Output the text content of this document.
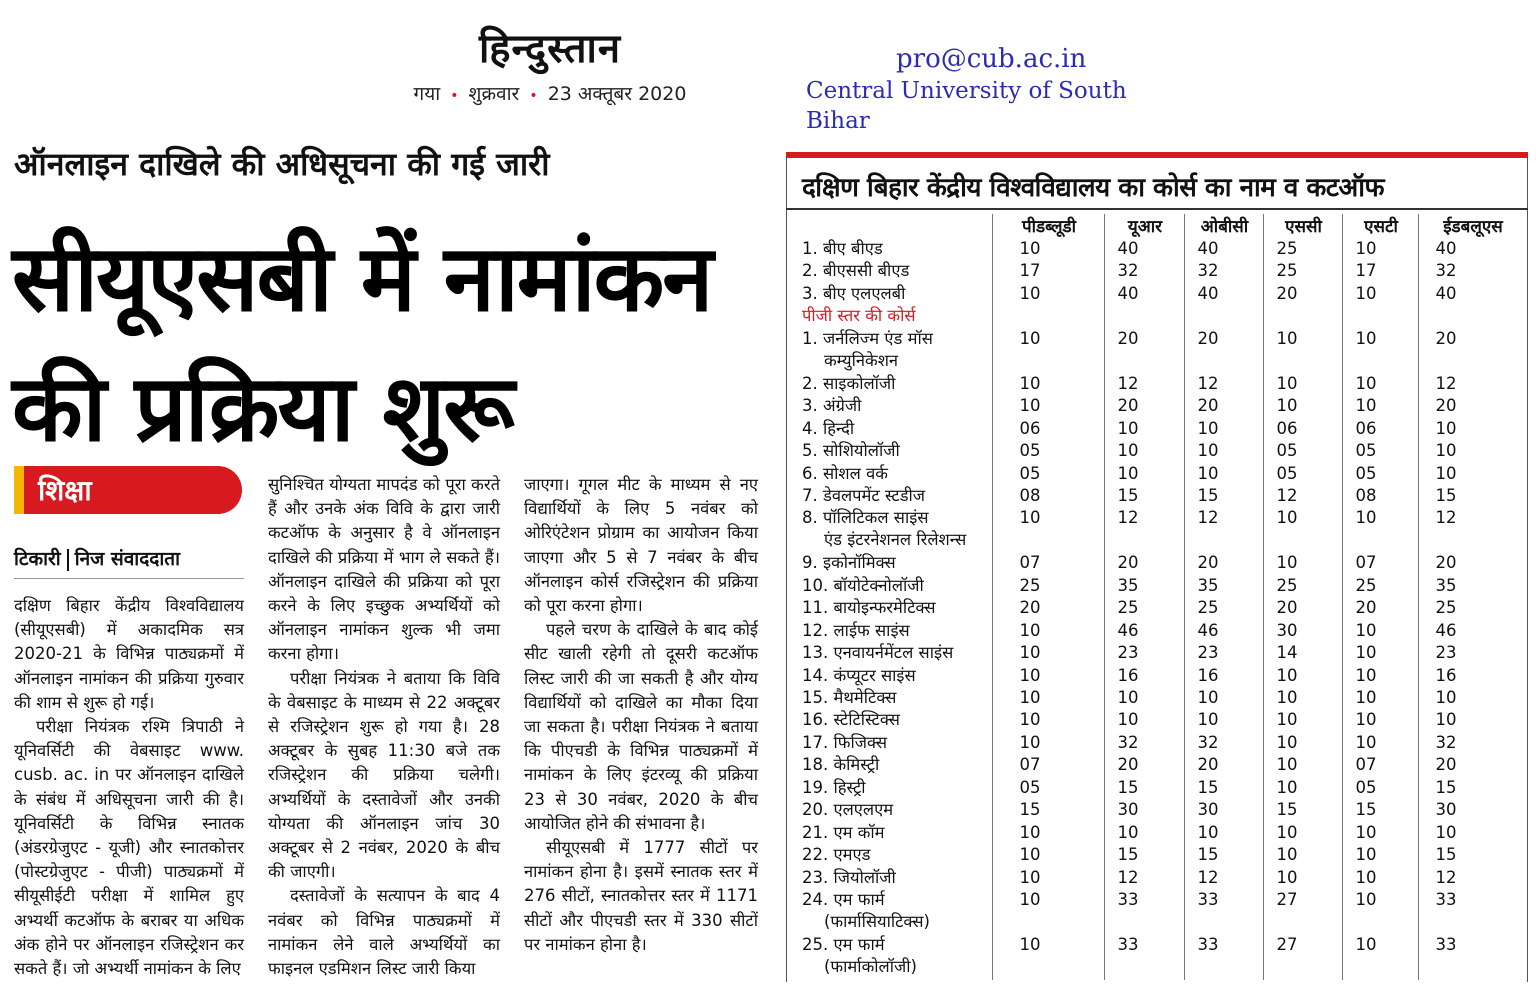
हिन्दुस्तान
गया • शुक्रवार • 23 अक्तूबर 2020
pro@cub.ac.in
Central University of South Bihar
ऑनलाइन दाखिले की अधिसूचना की गई जारी
सीयूएसबी में नामांकन
की प्रक्रिया शुरू
शिक्षा
टिकारी निज संवाददाता

दक्षिण बिहार केंद्रीय विश्वविद्यालय (सीयूएसबी) में अकादमिक सत्र 2020-21 के विभिन्न पाठ्यक्रमों में ऑनलाइन नामांकन की प्रक्रिया गुरुवार की शाम से शुरू हो गई।

परीक्षा नियंत्रक रश्मि त्रिपाठी ने यूनिवर्सिटी की वेबसाइट www. cusb. ac. in पर ऑनलाइन दाखिले के संबंध में अधिसूचना जारी की है। यूनिवर्सिटी के विभिन्न स्नातक (अंडरग्रेजुएट - यूजी) और स्नातकोत्तर (पोस्टग्रेजुएट - पीजी) पाठ्यक्रमों में सीयूसीईटी परीक्षा में शामिल हुए अभ्यर्थी कटऑफ के बराबर या अधिक अंक होने पर ऑनलाइन रजिस्ट्रेशन कर सकते हैं। जो अभ्यर्थी नामांकन के लिए

सुनिश्चित योग्यता मापदंड को पूरा करते हैं और उनके अंक विवि के द्वारा जारी कटऑफ के अनुसार है वे ऑनलाइन दाखिले की प्रक्रिया में भाग ले सकते हैं। ऑनलाइन दाखिले की प्रक्रिया को पूरा करने के लिए इच्छुक अभ्यर्थियों को ऑनलाइन नामांकन शुल्क भी जमा करना होगा।

परीक्षा नियंत्रक ने बताया कि विवि के वेबसाइट के माध्यम से 22 अक्टूबर से रजिस्ट्रेशन शुरू हो गया है। 28 अक्टूबर के सुबह 11:30 बजे तक रजिस्ट्रेशन की प्रक्रिया चलेगी। अभ्यर्थियों के दस्तावेजों और उनकी योग्यता की ऑनलाइन जांच 30 अक्टूबर से 2 नवंबर, 2020 के बीच की जाएगी।

दस्तावेजों के सत्यापन के बाद 4 नवंबर को विभिन्न पाठ्यक्रमों में नामांकन लेने वाले अभ्यर्थियों का फाइनल एडमिशन लिस्ट जारी किया

जाएगा। गूगल मीट के माध्यम से नए विद्यार्थियों के लिए 5 नवंबर को ओरिएंटेशन प्रोग्राम का आयोजन किया जाएगा और 5 से 7 नवंबर के बीच ऑनलाइन कोर्स रजिस्ट्रेशन की प्रक्रिया को पूरा करना होगा।

पहले चरण के दाखिले के बाद कोई सीट खाली रहेगी तो दूसरी कटऑफ लिस्ट जारी की जा सकती है और योग्य विद्यार्थियों को दाखिले का मौका दिया जा सकता है। परीक्षा नियंत्रक ने बताया कि पीएचडी के विभिन्न पाठ्यक्रमों में नामांकन के लिए इंटरव्यू की प्रक्रिया 23 से 30 नवंबर, 2020 के बीच आयोजित होने की संभावना है।

सीयूएसबी में 1777 सीटों पर नामांकन होना है। इसमें स्नातक स्तर में 276 सीटों, स्नातकोत्तर स्तर में 1171 सीटों और पीएचडी स्तर में 330 सीटों पर नामांकन होना है।

दक्षिण बिहार केंद्रीय विश्वविद्यालय का कोर्स का नाम व कटऑफ
पीडब्लूडी	यूआर	ओबीसी	एससी	एसटी	ईडबलूएस
1. बीए बीएड	10	40	40	25	10	40
2. बीएससी बीएड	17	32	32	25	17	32
3. बीए एलएलबी	10	40	40	20	10	40
पीजी स्तर की कोर्स
1. जर्नलिज्म एंड मॉस
कम्युनिकेशन
10	20	20	10	10	20
2. साइकोलॉजी	10	12	12	10	10	12
3. अंग्रेजी	10	20	20	10	10	20
4. हिन्दी	06	10	10	06	06	10
5. सोशियोलॉजी	05	10	10	05	05	10
6. सोशल वर्क	05	10	10	05	05	10
7. डेवलपमेंट स्टडीज	08	15	15	12	08	15
8. पॉलिटिकल साइंस
एंड इंटरनेशनल रिलेशन्स
10	12	12	10	10	12
9. इकोनॉमिक्स	07	20	20	10	07	20
10. बॉयोटेक्नोलॉजी	25	35	35	25	25	35
11. बायोइन्फरमेटिक्स	20	25	25	20	20	25
12. लाईफ साइंस	10	46	46	30	10	46
13. एनवायर्नमेंटल साइंस	10	23	23	14	10	23
14. कंप्यूटर साइंस	10	16	16	10	10	16
15. मैथमेटिक्स	10	10	10	10	10	10
16. स्टेटिस्टिक्स	10	10	10	10	10	10
17. फिजिक्स	10	32	32	10	10	32
18. केमिस्ट्री	07	20	20	10	07	20
19. हिस्ट्री	05	15	15	10	05	15
20. एलएलएम	15	30	30	15	15	30
21. एम कॉम	10	10	10	10	10	10
22. एमएड	10	15	15	10	10	15
23. जियोलॉजी	10	12	12	10	10	12
24. एम फार्म
(फार्मासियाटिक्स)
10	33	33	27	10	33
25. एम फार्म
(फार्माकोलॉजी)
10	33	33	27	10	33
